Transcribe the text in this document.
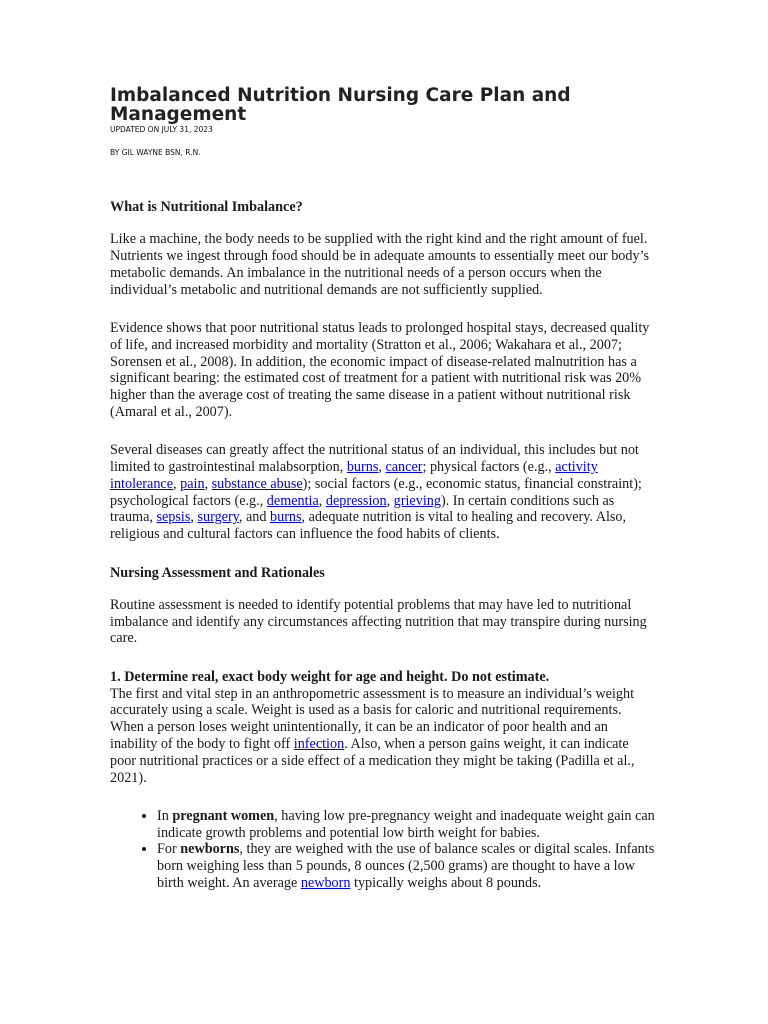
Imbalanced Nutrition Nursing Care Plan and Management

UPDATED ON JULY 31, 2023

BY GIL WAYNE BSN, R.N.

What is Nutritional Imbalance?

Like a machine, the body needs to be supplied with the right kind and the right amount of fuel. Nutrients we ingest through food should be in adequate amounts to essentially meet our body’s metabolic demands. An imbalance in the nutritional needs of a person occurs when the individual’s metabolic and nutritional demands are not sufficiently supplied.

Evidence shows that poor nutritional status leads to prolonged hospital stays, decreased quality of life, and increased morbidity and mortality (Stratton et al., 2006; Wakahara et al., 2007; Sorensen et al., 2008). In addition, the economic impact of disease-related malnutrition has a significant bearing: the estimated cost of treatment for a patient with nutritional risk was 20% higher than the average cost of treating the same disease in a patient without nutritional risk (Amaral et al., 2007).

Several diseases can greatly affect the nutritional status of an individual, this includes but not limited to gastrointestinal malabsorption, burns, cancer; physical factors (e.g., activity intolerance, pain, substance abuse); social factors (e.g., economic status, financial constraint); psychological factors (e.g., dementia, depression, grieving). In certain conditions such as trauma, sepsis, surgery, and burns, adequate nutrition is vital to healing and recovery. Also, religious and cultural factors can influence the food habits of clients.

Nursing Assessment and Rationales

Routine assessment is needed to identify potential problems that may have led to nutritional imbalance and identify any circumstances affecting nutrition that may transpire during nursing care.

1. Determine real, exact body weight for age and height. Do not estimate.

The first and vital step in an anthropometric assessment is to measure an individual’s weight accurately using a scale. Weight is used as a basis for caloric and nutritional requirements. When a person loses weight unintentionally, it can be an indicator of poor health and an inability of the body to fight off infection. Also, when a person gains weight, it can indicate poor nutritional practices or a side effect of a medication they might be taking (Padilla et al., 2021).

• In pregnant women, having low pre-pregnancy weight and inadequate weight gain can indicate growth problems and potential low birth weight for babies.
• For newborns, they are weighed with the use of balance scales or digital scales. Infants born weighing less than 5 pounds, 8 ounces (2,500 grams) are thought to have a low birth weight. An average newborn typically weighs about 8 pounds.
